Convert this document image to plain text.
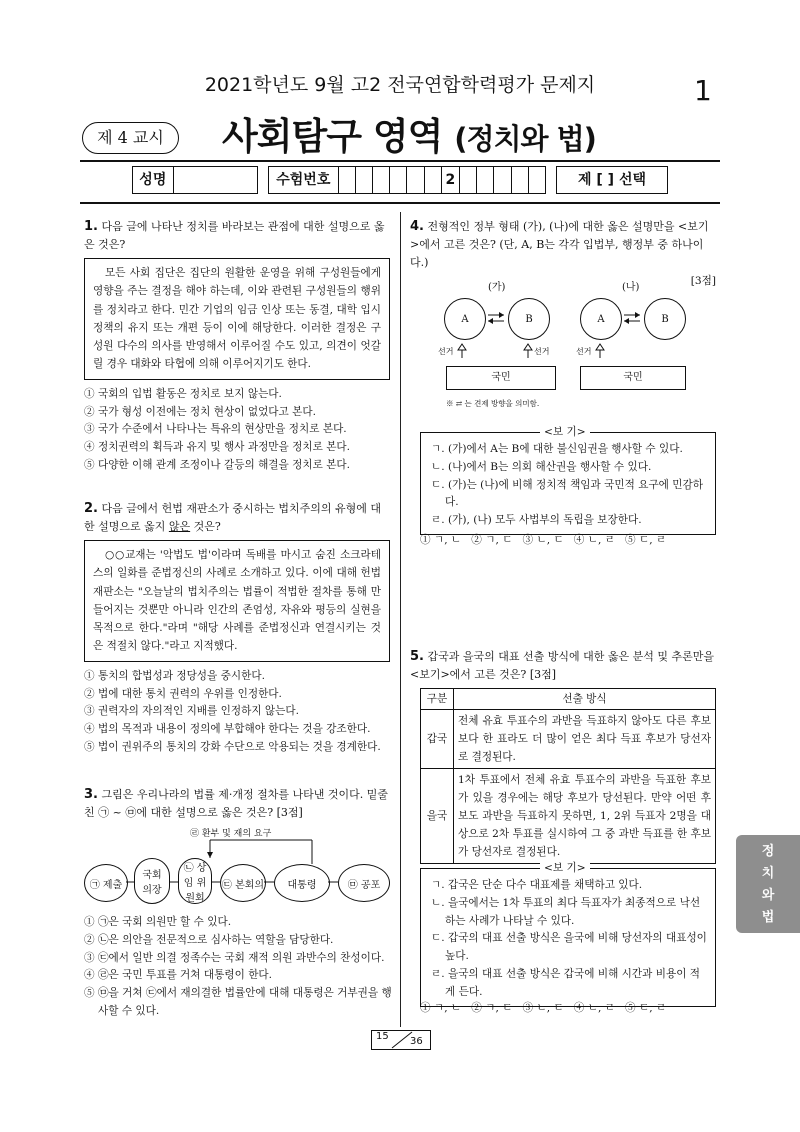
2021학년도 9월 고2 전국연합학력평가 문제지	1
제 4 교시	사회탐구 영역 (정치와 법)
성명	수험번호	2	제 [ ] 선택
1. 다음 글에 나타난 정치를 바라보는 관점에 대한 설명으로 옳은 것은?
모든 사회 집단은 집단의 원활한 운영을 위해 구성원들에게 영향을 주는 결정을 해야 하는데, 이와 관련된 구성원들의 행위를 정치라고 한다. 민간 기업의 임금 인상 또는 동결, 대학 입시 정책의 유지 또는 개편 등이 이에 해당한다. 이러한 결정은 구성원 다수의 의사를 반영해서 이루어질 수도 있고, 의견이 엇갈릴 경우 대화와 타협에 의해 이루어지기도 한다.
① 국회의 입법 활동은 정치로 보지 않는다.
② 국가 형성 이전에는 정치 현상이 없었다고 본다.
③ 국가 수준에서 나타나는 특유의 현상만을 정치로 본다.
④ 정치권력의 획득과 유지 및 행사 과정만을 정치로 본다.
⑤ 다양한 이해 관계 조정이나 갈등의 해결을 정치로 본다.
2. 다음 글에서 헌법 재판소가 중시하는 법치주의의 유형에 대한 설명으로 옳지 않은 것은?
○○교재는 '악법도 법'이라며 독배를 마시고 숨진 소크라테스의 일화를 준법정신의 사례로 소개하고 있다. 이에 대해 헌법 재판소는 "오늘날의 법치주의는 법률이 적법한 절차를 통해 만들어지는 것뿐만 아니라 인간의 존엄성, 자유와 평등의 실현을 목적으로 한다."라며 "해당 사례를 준법정신과 연결시키는 것은 적절치 않다."라고 지적했다.
① 통치의 합법성과 정당성을 중시한다.
② 법에 대한 통치 권력의 우위를 인정한다.
③ 권력자의 자의적인 지배를 인정하지 않는다.
④ 법의 목적과 내용이 정의에 부합해야 한다는 것을 강조한다.
⑤ 법이 권위주의 통치의 강화 수단으로 악용되는 것을 경계한다.
3. 그림은 우리나라의 법률 제·개정 절차를 나타낸 것이다. 밑줄 친 ㉠ ~ ㉤에 대한 설명으로 옳은 것은? [3점]
㉣ 환부 및 재의 요구
㉠ 제출
국회 의장
㉡ 상임 위원회
㉢ 본회의	대통령	㉤ 공포
① ㉠은 국회 의원만 할 수 있다.
② ㉡은 의안을 전문적으로 심사하는 역할을 담당한다.
③ ㉢에서 일반 의결 정족수는 국회 재적 의원 과반수의 찬성이다.
④ ㉣은 국민 투표를 거쳐 대통령이 한다.
⑤ ㉤을 거쳐 ㉢에서 재의결한 법률안에 대해 대통령은 거부권을 행사할 수 있다.
4. 전형적인 정부 형태 (가), (나)에 대한 옳은 설명만을 <보기>에서 고른 것은? (단, A, B는 각각 입법부, 행정부 중 하나이다.)
[3점]
(가)	(나)
A	B	A	B
선거	선거	선거
국민	국민
※ ⇄ 는 견제 방향을 의미함.
<보 기>
ㄱ. (가)에서 A는 B에 대한 불신임권을 행사할 수 있다.
ㄴ. (나)에서 B는 의회 해산권을 행사할 수 있다.
ㄷ. (가)는 (나)에 비해 정치적 책임과 국민적 요구에 민감하다.
ㄹ. (가), (나) 모두 사법부의 독립을 보장한다.
① ㄱ, ㄴ   ② ㄱ, ㄷ   ③ ㄴ, ㄷ   ④ ㄴ, ㄹ   ⑤ ㄷ, ㄹ
5. 갑국과 을국의 대표 선출 방식에 대한 옳은 분석 및 추론만을 <보기>에서 고른 것은? [3점]
구분	선출 방식
갑국	전체 유효 투표수의 과반을 득표하지 않아도 다른 후보보다 한 표라도 더 많이 얻은 최다 득표 후보가 당선자로 결정된다.
을국	1차 투표에서 전체 유효 투표수의 과반을 득표한 후보가 있을 경우에는 해당 후보가 당선된다. 만약 어떤 후보도 과반을 득표하지 못하면, 1, 2위 득표자 2명을 대상으로 2차 투표를 실시하여 그 중 과반 득표를 한 후보가 당선자로 결정된다.
<보 기>
ㄱ. 갑국은 단순 다수 대표제를 채택하고 있다.
ㄴ. 을국에서는 1차 투표의 최다 득표자가 최종적으로 낙선하는 사례가 나타날 수 있다.
ㄷ. 갑국의 대표 선출 방식은 을국에 비해 당선자의 대표성이 높다.
ㄹ. 을국의 대표 선출 방식은 갑국에 비해 시간과 비용이 적게 든다.
① ㄱ, ㄴ   ② ㄱ, ㄷ   ③ ㄴ, ㄷ   ④ ㄴ, ㄹ   ⑤ ㄷ, ㄹ
정
치
와
법
15 36
